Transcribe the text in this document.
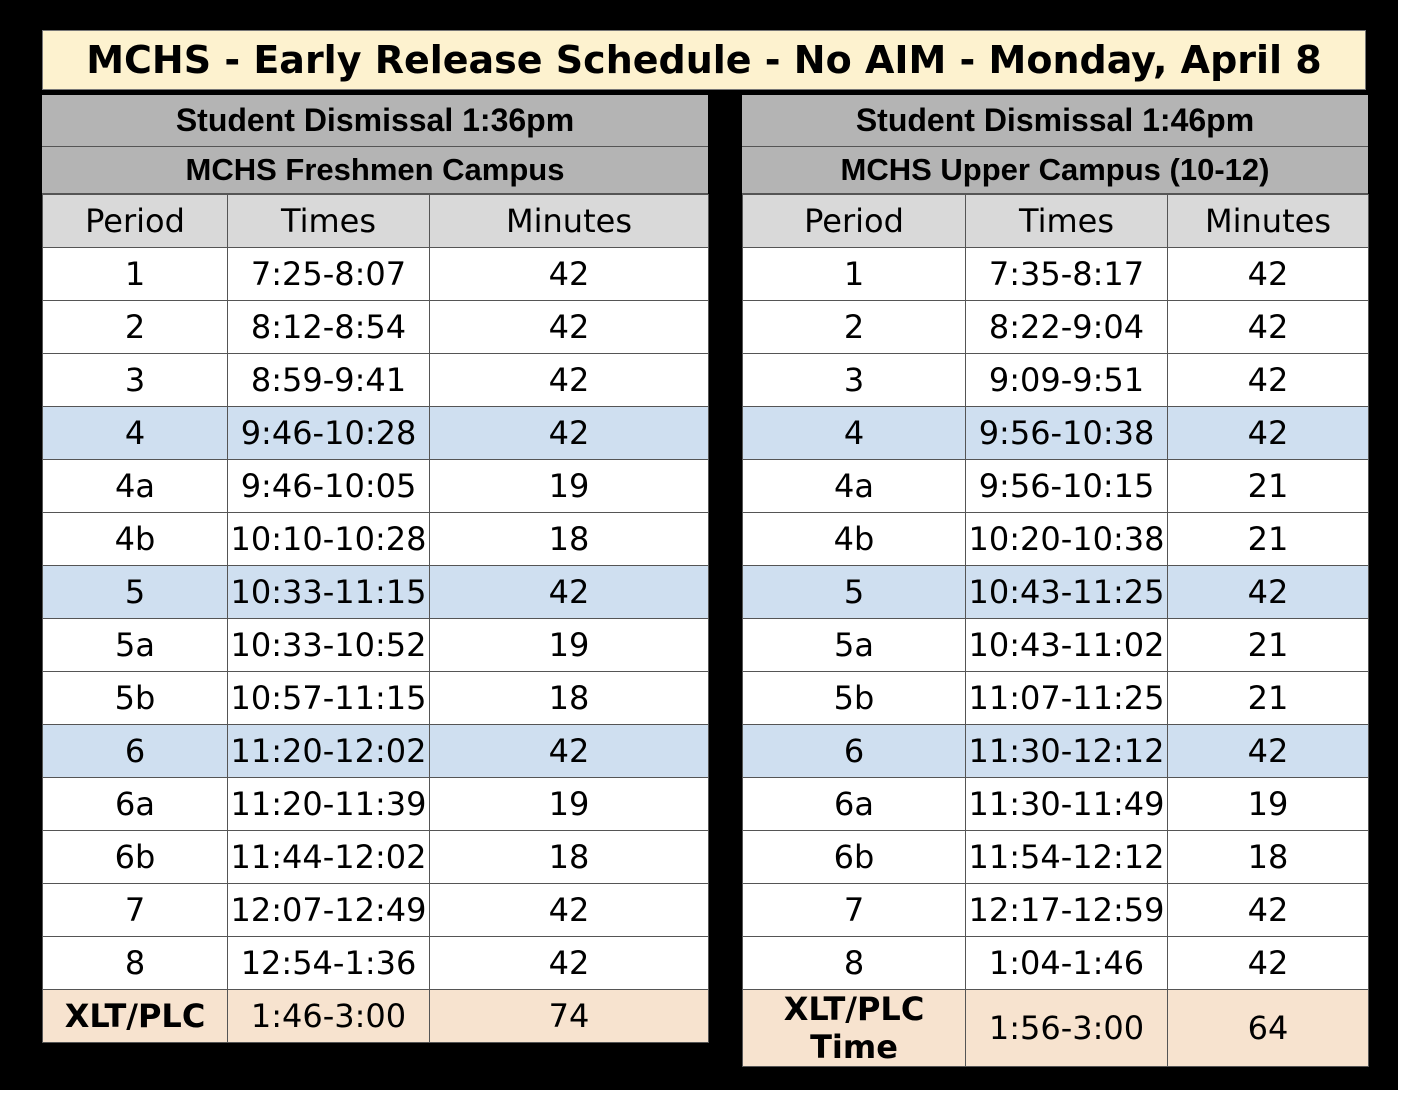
MCHS - Early Release Schedule - No AIM - Monday, April 8
Student Dismissal 1:36pm
MCHS Freshmen Campus
Period	Times	Minutes
1	7:25-8:07	42
2	8:12-8:54	42
3	8:59-9:41	42
4	9:46-10:28	42
4a	9:46-10:05	19
4b	10:10-10:28	18
5	10:33-11:15	42
5a	10:33-10:52	19
5b	10:57-11:15	18
6	11:20-12:02	42
6a	11:20-11:39	19
6b	11:44-12:02	18
7	12:07-12:49	42
8	12:54-1:36	42
XLT/PLC	1:46-3:00	74
Student Dismissal 1:46pm
MCHS Upper Campus (10-12)
Period	Times	Minutes
1	7:35-8:17	42
2	8:22-9:04	42
3	9:09-9:51	42
4	9:56-10:38	42
4a	9:56-10:15	21
4b	10:20-10:38	21
5	10:43-11:25	42
5a	10:43-11:02	21
5b	11:07-11:25	21
6	11:30-12:12	42
6a	11:30-11:49	19
6b	11:54-12:12	18
7	12:17-12:59	42
8	1:04-1:46	42
XLT/PLC Time	1:56-3:00	64
